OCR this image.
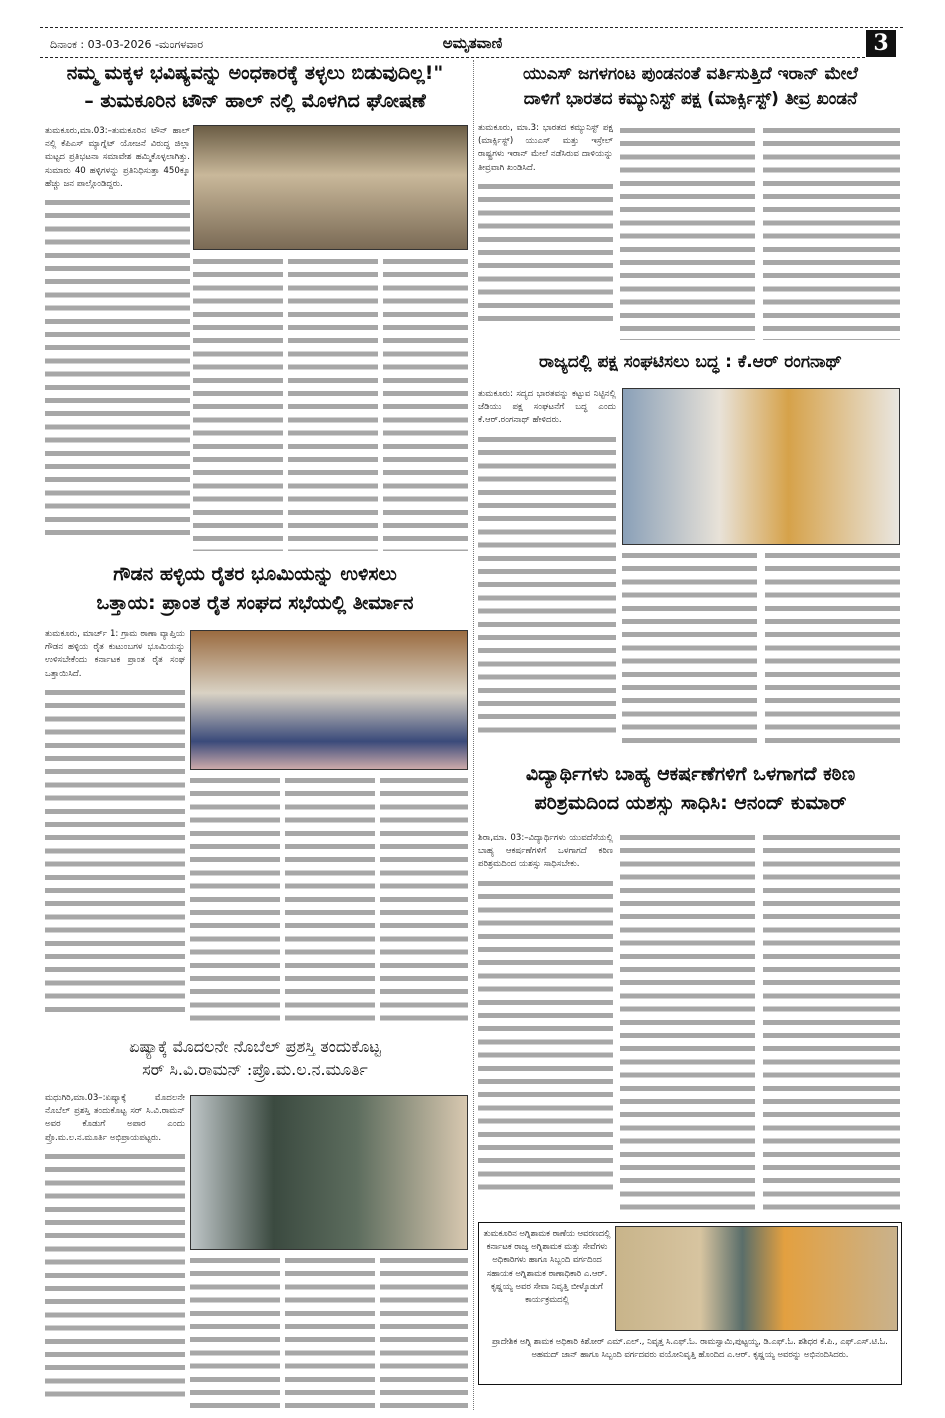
ದಿನಾಂಕ : 03-03-2026 -ಮಂಗಳವಾರ	ಅಮೃತವಾಣಿ	3
ನಮ್ಮ ಮಕ್ಕಳ ಭವಿಷ್ಯವನ್ನು ಅಂಧಕಾರಕ್ಕೆ ತಳ್ಳಲು ಬಿಡುವುದಿಲ್ಲ!"
– ತುಮಕೂರಿನ ಟೌನ್ ಹಾಲ್ ನಲ್ಲಿ ಮೊಳಗಿದ ಘೋಷಣೆ
ತುಮಕೂರು,ಮಾ.03:–ತುಮಕೂರಿನ ಟೌನ್ ಹಾಲ್ ನಲ್ಲಿ ಕೆಪಿಎಸ್ ಮ್ಯಾಗ್ನೆಟ್ ಯೋಜನೆ ವಿರುದ್ಧ ಜಿಲ್ಲಾ ಮಟ್ಟದ ಪ್ರತಿಭಟನಾ ಸಮಾವೇಶ ಹಮ್ಮಿಕೊಳ್ಳಲಾಗಿತ್ತು. ಸುಮಾರು 40 ಹಳ್ಳಿಗಳನ್ನು ಪ್ರತಿನಿಧಿಸುತ್ತಾ 450ಕ್ಕೂ ಹೆಚ್ಚು ಜನ ಪಾಲ್ಗೊಂಡಿದ್ದರು.
ಯುಎಸ್ ಜಗಳಗಂಟ ಪುಂಡನಂತೆ ವರ್ತಿಸುತ್ತಿದೆ ಇರಾನ್ ಮೇಲೆ
ದಾಳಿಗೆ ಭಾರತದ ಕಮ್ಯುನಿಸ್ಟ್ ಪಕ್ಷ (ಮಾರ್ಕ್ಸಿಸ್ಟ್) ತೀವ್ರ ಖಂಡನೆ
ತುಮಕೂರು, ಮಾ.3: ಭಾರತದ ಕಮ್ಯುನಿಸ್ಟ್ ಪಕ್ಷ (ಮಾರ್ಕ್ಸಿಸ್ಟ್) ಯುಎಸ್ ಮತ್ತು ಇಸ್ರೇಲ್ ರಾಷ್ಟ್ರಗಳು ಇರಾನ್ ಮೇಲೆ ನಡೆಸಿರುವ ದಾಳಿಯನ್ನು ತೀವ್ರವಾಗಿ ಖಂಡಿಸಿದೆ.
ರಾಜ್ಯದಲ್ಲಿ ಪಕ್ಷ ಸಂಘಟಿಸಲು ಬದ್ಧ : ಕೆ.ಆರ್ ರಂಗನಾಥ್
ತುಮಕೂರು: ಸದ್ಯದ ಭಾರತವನ್ನು ಕಟ್ಟುವ ನಿಟ್ಟಿನಲ್ಲಿ ಜೆಡಿಯು ಪಕ್ಷ ಸಂಘಟನೆಗೆ ಬದ್ಧ ಎಂದು ಕೆ.ಆರ್.ರಂಗನಾಥ್ ಹೇಳಿದರು.
ಗೌಡನ ಹಳ್ಳಿಯ ರೈತರ ಭೂಮಿಯನ್ನು ಉಳಿಸಲು
ಒತ್ತಾಯ: ಪ್ರಾಂತ ರೈತ ಸಂಘದ ಸಭೆಯಲ್ಲಿ ತೀರ್ಮಾನ
ತುಮಕೂರು, ಮಾರ್ಚ್ 1: ಗ್ರಾಮ ಠಾಣಾ ವ್ಯಾಪ್ತಿಯ ಗೌಡನ ಹಳ್ಳಿಯ ರೈತ ಕುಟುಂಬಗಳ ಭೂಮಿಯನ್ನು ಉಳಿಸಬೇಕೆಂದು ಕರ್ನಾಟಕ ಪ್ರಾಂತ ರೈತ ಸಂಘ ಒತ್ತಾಯಿಸಿದೆ.
ವಿದ್ಯಾರ್ಥಿಗಳು ಬಾಹ್ಯ ಆಕರ್ಷಣೆಗಳಿಗೆ ಒಳಗಾಗದೆ ಕಠಿಣ
ಪರಿಶ್ರಮದಿಂದ ಯಶಸ್ಸು ಸಾಧಿಸಿ: ಆನಂದ್ ಕುಮಾರ್
ಶಿರಾ,ಮಾ. 03:–ವಿದ್ಯಾರ್ಥಿಗಳು ಯುವದೆಸೆಯಲ್ಲಿ ಬಾಹ್ಯ ಆಕರ್ಷಣೆಗಳಿಗೆ ಒಳಗಾಗದೆ ಕಠಿಣ ಪರಿಶ್ರಮದಿಂದ ಯಶಸ್ಸು ಸಾಧಿಸಬೇಕು.
ಏಷ್ಯಾಕ್ಕೆ ಮೊದಲನೇ ನೊಬೆಲ್ ಪ್ರಶಸ್ತಿ ತಂದುಕೊಟ್ಟ
ಸರ್ ಸಿ.ವಿ.ರಾಮನ್ :ಪ್ರೊ.ಮ.ಲ.ನ.ಮೂರ್ತಿ
ಮಧುಗಿರಿ,ಮಾ.03–:ಏಷ್ಯಾಕ್ಕೆ ಮೊದಲನೇ ನೊಬೆಲ್ ಪ್ರಶಸ್ತಿ ತಂದುಕೊಟ್ಟ ಸರ್ ಸಿ.ವಿ.ರಾಮನ್ ಅವರ ಕೊಡುಗೆ ಅಪಾರ ಎಂದು ಪ್ರೊ.ಮ.ಲ.ನ.ಮೂರ್ತಿ ಅಭಿಪ್ರಾಯಪಟ್ಟರು.
ತುಮಕೂರಿನ ಅಗ್ನಿಶಾಮಕ ಠಾಣೆಯ ಆವರಣದಲ್ಲಿ ಕರ್ನಾಟಕ ರಾಜ್ಯ ಅಗ್ನಿಶಾಮಕ ಮತ್ತು ಸೇವೆಗಳು ಅಧಿಕಾರಿಗಳು ಹಾಗೂ ಸಿಬ್ಬಂದಿ ವರ್ಗದಿಂದ ಸಹಾಯಕ ಅಗ್ನಿಶಾಮಕ ಠಾಣಾಧಿಕಾರಿ ಎ.ಆರ್. ಕೃಷ್ಣಯ್ಯ ಅವರ ಸೇವಾ ನಿವೃತ್ತಿ ಬೀಳ್ಕೊಡುಗೆ ಕಾರ್ಯಕ್ರಮದಲ್ಲಿ
ಪ್ರಾದೇಶಿಕ ಅಗ್ನಿ ಶಾಮಕ ಅಧಿಕಾರಿ ಕಿಶೋರ್ ಎಮ್.ಎಲ್., ನಿವೃತ್ತ ಸಿ.ಎಫ್.ಓ. ರಾಮಸ್ವಾಮಿ,ಪುಟ್ಟಯ್ಯ, ಡಿ.ಎಫ್.ಓ. ಶಶಿಧರ ಕೆ.ಪಿ., ಎಫ್.ಎಸ್.ಟಿ.ಓ. ಅಹಮದ್ ಜಾನ್ ಹಾಗೂ ಸಿಬ್ಬಂದಿ ವರ್ಗದವರು ವಯೋನಿವೃತ್ತಿ ಹೊಂದಿದ ಎ.ಆರ್. ಕೃಷ್ಣಯ್ಯ ಅವರನ್ನು ಅಭಿನಂದಿಸಿದರು.
